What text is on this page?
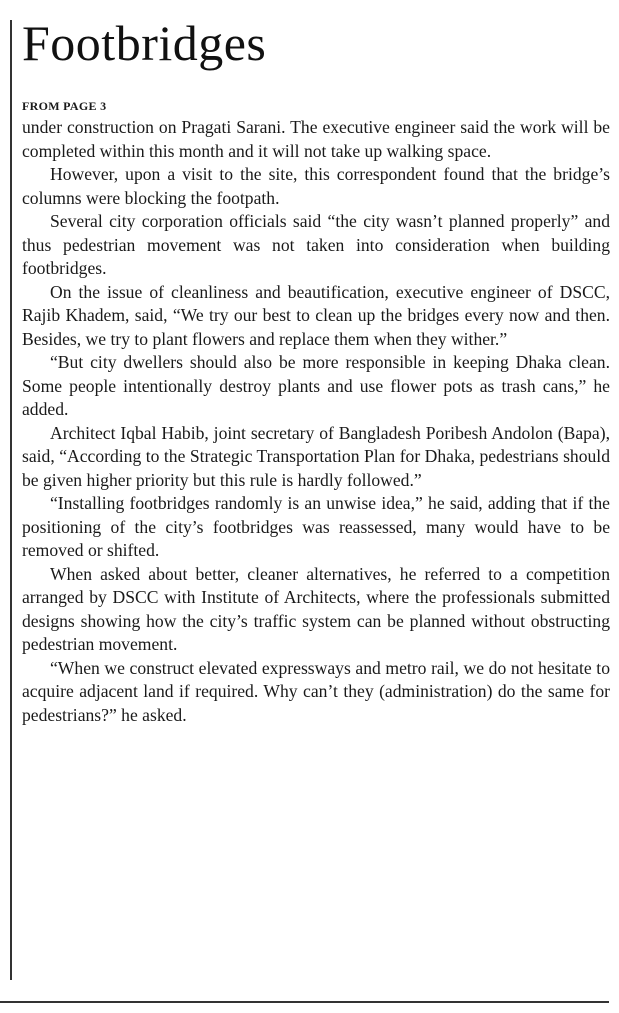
Footbridges
FROM PAGE 3

under construction on Pragati Sarani. The executive engineer said the work will be completed within this month and it will not take up walking space.

However, upon a visit to the site, this correspondent found that the bridge’s columns were blocking the footpath.

Several city corporation officials said “the city wasn’t planned properly” and thus pedestrian movement was not taken into consideration when building footbridges.

On the issue of cleanliness and beautification, executive engineer of DSCC, Rajib Khadem, said, “We try our best to clean up the bridges every now and then. Besides, we try to plant flowers and replace them when they wither.”

“But city dwellers should also be more responsible in keeping Dhaka clean. Some people intentionally destroy plants and use flower pots as trash cans,” he added.

Architect Iqbal Habib, joint secretary of Bangladesh Poribesh Andolon (Bapa), said, “According to the Strategic Transportation Plan for Dhaka, pedestrians should be given higher priority but this rule is hardly followed.”

“Installing footbridges randomly is an unwise idea,” he said, adding that if the positioning of the city’s footbridges was reassessed, many would have to be removed or shifted.

When asked about better, cleaner alternatives, he referred to a competition arranged by DSCC with Institute of Architects, where the professionals submitted designs showing how the city’s traffic system can be planned without obstructing pedestrian movement.

“When we construct elevated expressways and metro rail, we do not hesitate to acquire adjacent land if required. Why can’t they (administration) do the same for pedestrians?” he asked.
